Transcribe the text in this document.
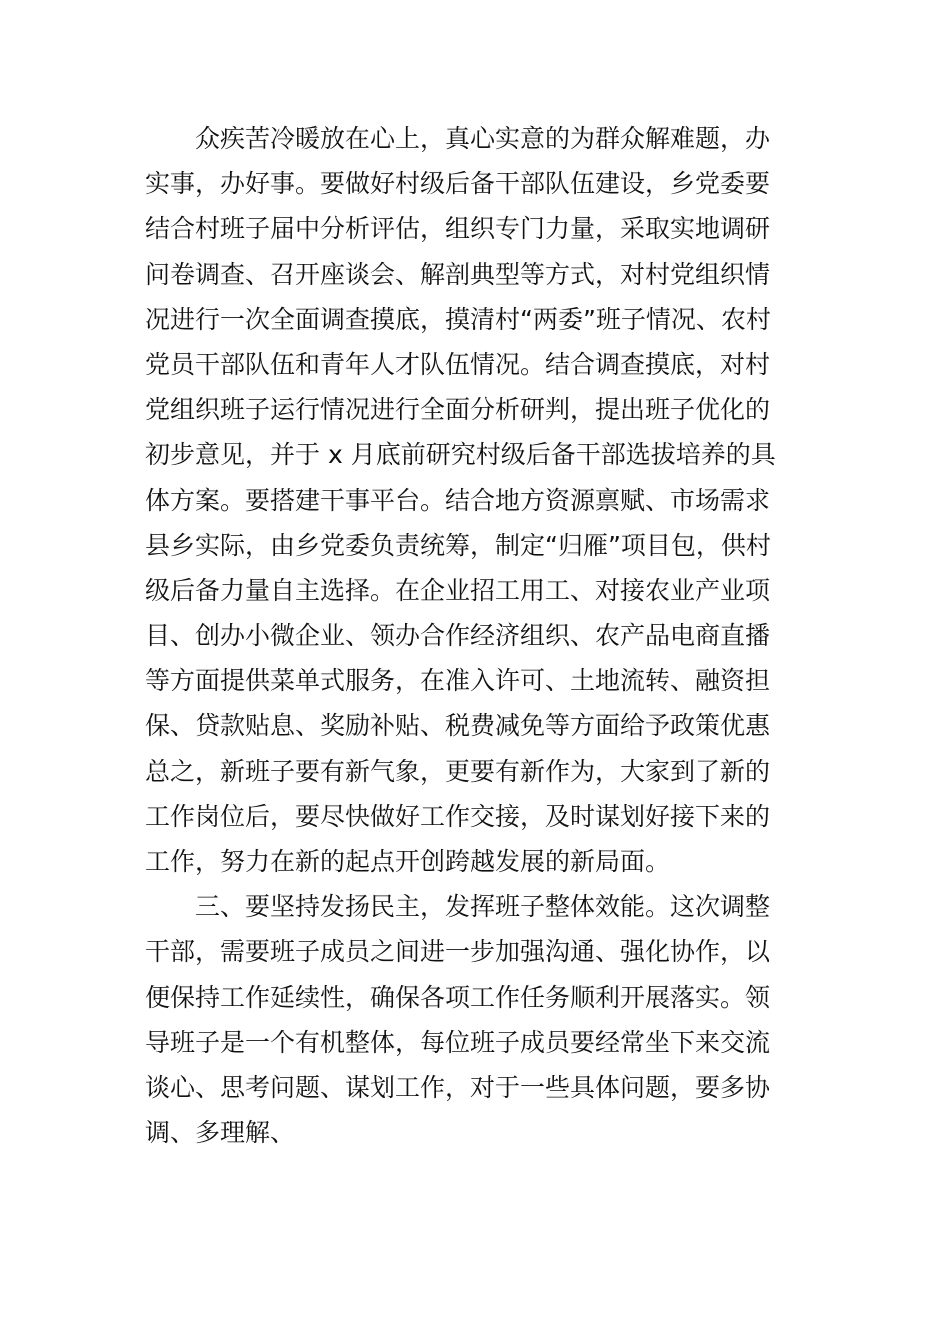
众疾苦冷暖放在心上，真心实意的为群众解难题，办
实事，办好事。要做好村级后备干部队伍建设，乡党委要
结合村班子届中分析评估，组织专门力量，采取实地调研
问卷调查、召开座谈会、解剖典型等方式，对村党组织情
况进行一次全面调查摸底，摸清村“两委”班子情况、农村
党员干部队伍和青年人才队伍情况。结合调查摸底，对村
党组织班子运行情况进行全面分析研判，提出班子优化的
初步意见，并于 x 月底前研究村级后备干部选拔培养的具
体方案。要搭建干事平台。结合地方资源禀赋、市场需求
县乡实际，由乡党委负责统筹，制定“归雁”项目包，供村
级后备力量自主选择。在企业招工用工、对接农业产业项
目、创办小微企业、领办合作经济组织、农产品电商直播
等方面提供菜单式服务，在准入许可、土地流转、融资担
保、贷款贴息、奖励补贴、税费减免等方面给予政策优惠
总之，新班子要有新气象，更要有新作为，大家到了新的
工作岗位后，要尽快做好工作交接，及时谋划好接下来的
工作，努力在新的起点开创跨越发展的新局面。
三、要坚持发扬民主，发挥班子整体效能。这次调整
干部，需要班子成员之间进一步加强沟通、强化协作，以
便保持工作延续性，确保各项工作任务顺利开展落实。领
导班子是一个有机整体，每位班子成员要经常坐下来交流
谈心、思考问题、谋划工作，对于一些具体问题，要多协
调、多理解、
